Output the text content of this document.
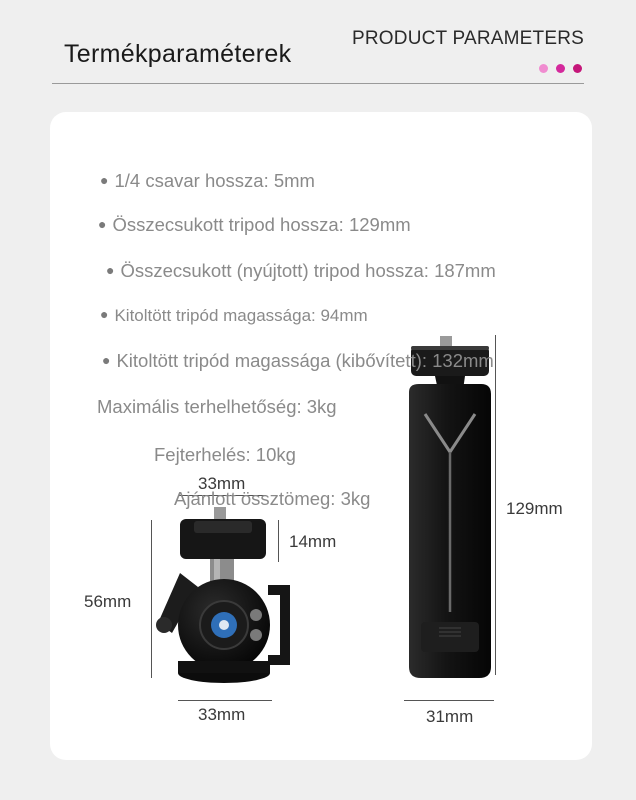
Termékparaméterek
PRODUCT PARAMETERS
33mm
14mm
56mm
33mm
129mm
31mm
● 1/4 csavar hossza: 5mm
● Összecsukott tripod hossza: 129mm
● Összecsukott (nyújtott) tripod hossza: 187mm
● Kitoltött tripód magassága: 94mm
● Kitoltött tripód magassága (kibővített): 132mm
Maximális terhelhetőség: 3kg
Fejterhelés: 10kg
Ajánlott össztömeg: 3kg
